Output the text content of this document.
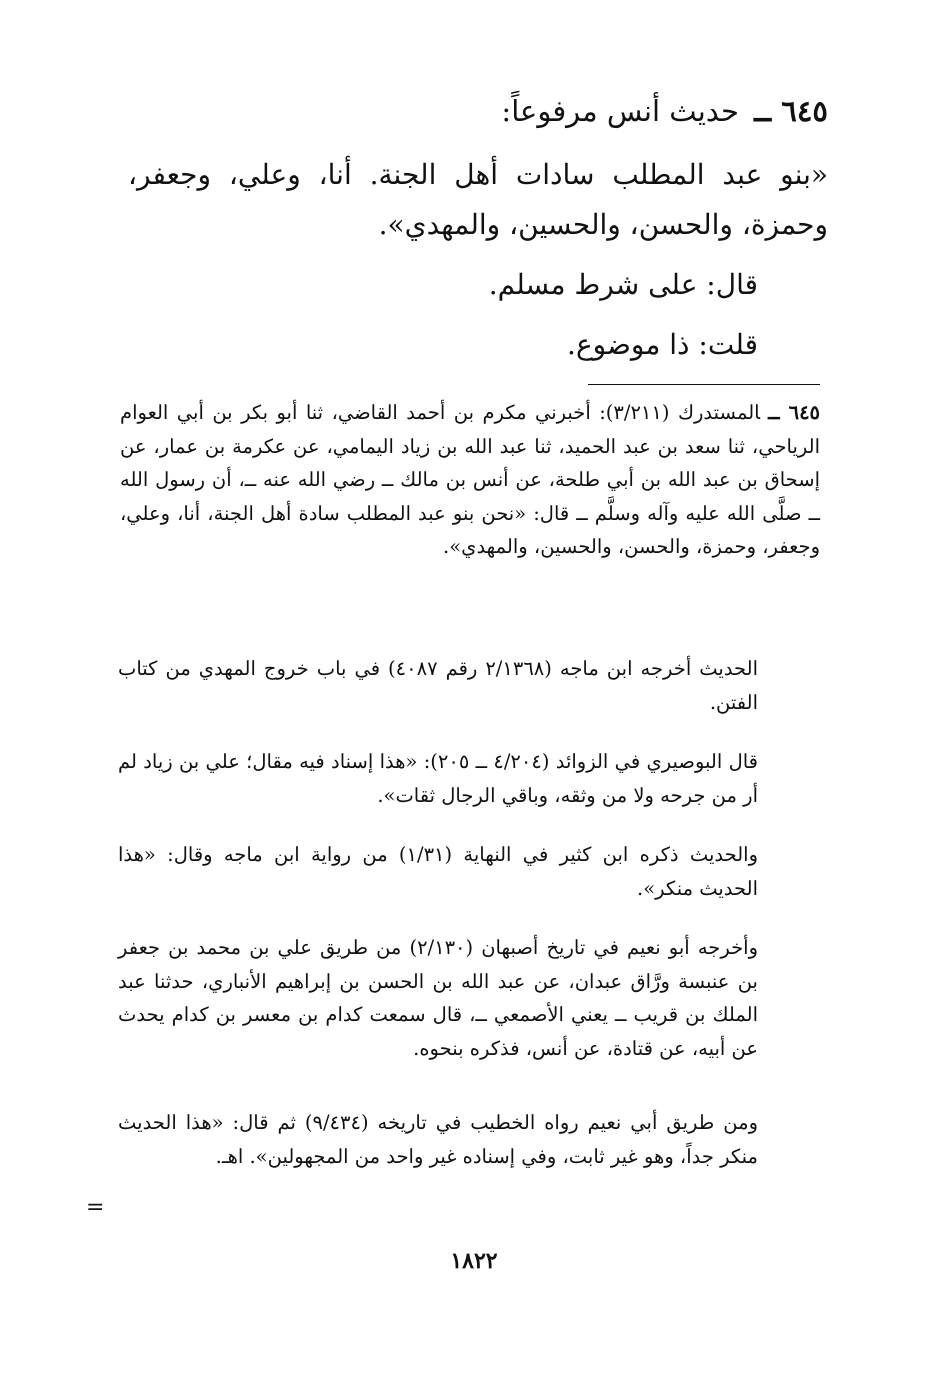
٦٤٥ ــ حديث أنس مرفوعاً:
«بنو عبد المطلب سادات أهل الجنة. أنا، وعلي، وجعفر، وحمزة، والحسن، والحسين، والمهدي».
قال: على شرط مسلم.
قلت: ذا موضوع.
٦٤٥ ــالمستدرك (٣/٢١١): أخبرني مكرم بن أحمد القاضي، ثنا أبو بكر بن أبي العوام الرياحي، ثنا سعد بن عبد الحميد، ثنا عبد الله بن زياد اليمامي، عن عكرمة بن عمار، عن إسحاق بن عبد الله بن أبي طلحة، عن أنس بن مالك ــ رضي الله عنه ــ، أن رسول الله ــ صلَّى الله عليه وآله وسلَّم ــ قال: «نحن بنو عبد المطلب سادة أهل الجنة، أنا، وعلي، وجعفر، وحمزة، والحسن، والحسين، والمهدي».
الحديث أخرجه ابن ماجه (٢/١٣٦٨ رقم ٤٠٨٧) في باب خروج المهدي من كتاب الفتن.
قال البوصيري في الزوائد (٤/٢٠٤ ــ ٢٠٥): «هذا إسناد فيه مقال؛ علي بن زياد لم أر من جرحه ولا من وثقه، وباقي الرجال ثقات».
والحديث ذكره ابن كثير في النهاية (١/٣١) من رواية ابن ماجه وقال: «هذا الحديث منكر».
وأخرجه أبو نعيم في تاريخ أصبهان (٢/١٣٠) من طريق علي بن محمد بن جعفر بن عنبسة ورَّاق عبدان، عن عبد الله بن الحسن بن إبراهيم الأنباري، حدثنا عبد الملك بن قريب ــ يعني الأصمعي ــ، قال سمعت كدام بن معسر بن كدام يحدث عن أبيه، عن قتادة، عن أنس، فذكره بنحوه.
ومن طريق أبي نعيم رواه الخطيب في تاريخه (٩/٤٣٤) ثم قال: «هذا الحديث منكر جداً، وهو غير ثابت، وفي إسناده غير واحد من المجهولين». اهـ.
=
١٨٢٢
